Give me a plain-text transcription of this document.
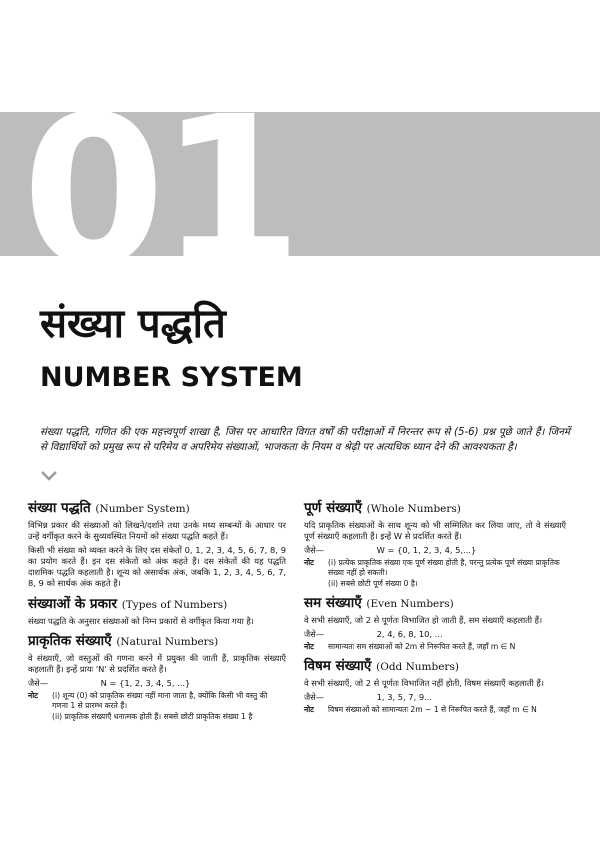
01
संख्या पद्धति
NUMBER SYSTEM

संख्या पद्धति, गणित की एक महत्त्वपूर्ण शाखा है, जिस पर आधारित विगत वर्षों की परीक्षाओं में निरन्तर रूप से (5-6) प्रश्न पूछे जाते हैं। जिनमें से विद्यार्थियों को प्रमुख रूप से परिमेय व अपरिमेय संख्याओं, भाजकता के नियम व श्रेढ़ी पर अत्यधिक ध्यान देने की आवश्यकता है।

संख्या पद्धति (Number System)

विभिन्न प्रकार की संख्याओं को लिखने/दर्शाने तथा उनके मध्य सम्बन्धों के आधार पर उन्हें वर्गीकृत करने के सुव्यवस्थित नियमों को संख्या पद्धति कहते हैं।

किसी भी संख्या को व्यक्त करने के लिए दस संकेतों 0, 1, 2, 3, 4, 5, 6, 7, 8, 9 का प्रयोग करते हैं। इन दस संकेतों को अंक कहते हैं। दस संकेतों की यह पद्धति दाशमिक पद्धति कहलाती है। शून्य को असार्थक अंक, जबकि 1, 2, 3, 4, 5, 6, 7, 8, 9 को सार्थक अंक कहते हैं।

संख्याओं के प्रकार (Types of Numbers)

संख्या पद्धति के अनुसार संख्याओं को निम्न प्रकारों से वर्गीकृत किया गया है।

प्राकृतिक संख्याएँ (Natural Numbers)

वे संख्याएँ, जो वस्तुओं की गणना करने में प्रयुक्त की जाती हैं, प्राकृतिक संख्याएँ कहलाती हैं। इन्हें प्रायः 'N' से प्रदर्शित करते हैं।

जैसे—	N = {1, 2, 3, 4, 5, ...}
नोट (i) शून्य (0) को प्राकृतिक संख्या नहीं माना जाता है, क्योंकि किसी भी वस्तु की गणना 1 से प्रारम्भ करते हैं।
(ii) प्राकृतिक संख्याएँ धनात्मक होती हैं। सबसे छोटी प्राकृतिक संख्या 1 है
पूर्ण संख्याएँ (Whole Numbers)

यदि प्राकृतिक संख्याओं के साथ शून्य को भी सम्मिलित कर लिया जाए, तो वे संख्याएँ पूर्ण संख्याएँ कहलाती हैं। इन्हें W से प्रदर्शित करते हैं।

जैसे—	W = {0, 1, 2, 3, 4, 5,...}
नोट (i) प्रत्येक प्राकृतिक संख्या एक पूर्ण संख्या होती है, परन्तु प्रत्येक पूर्ण संख्या प्राकृतिक संख्या नहीं हो सकती।
(ii) सबसे छोटी पूर्ण संख्या 0 है।
सम संख्याएँ (Even Numbers)

वे सभी संख्याएँ, जो 2 से पूर्णतः विभाजित हो जाती हैं, सम संख्याएँ कहलाती हैं।

जैसे—	2, 4, 6, 8, 10, ...
नोट सामान्यतः सम संख्याओं को 2m से निरूपित करते हैं, जहाँ m ∈ N
विषम संख्याएँ (Odd Numbers)

वे सभी संख्याएँ, जो 2 से पूर्णतः विभाजित नहीं होती, विषम संख्याएँ कहलाती हैं।

जैसे—	1, 3, 5, 7, 9...
नोट विषम संख्याओं को सामान्यतः 2m − 1 से निरूपित करते हैं, जहाँ m ∈ N
